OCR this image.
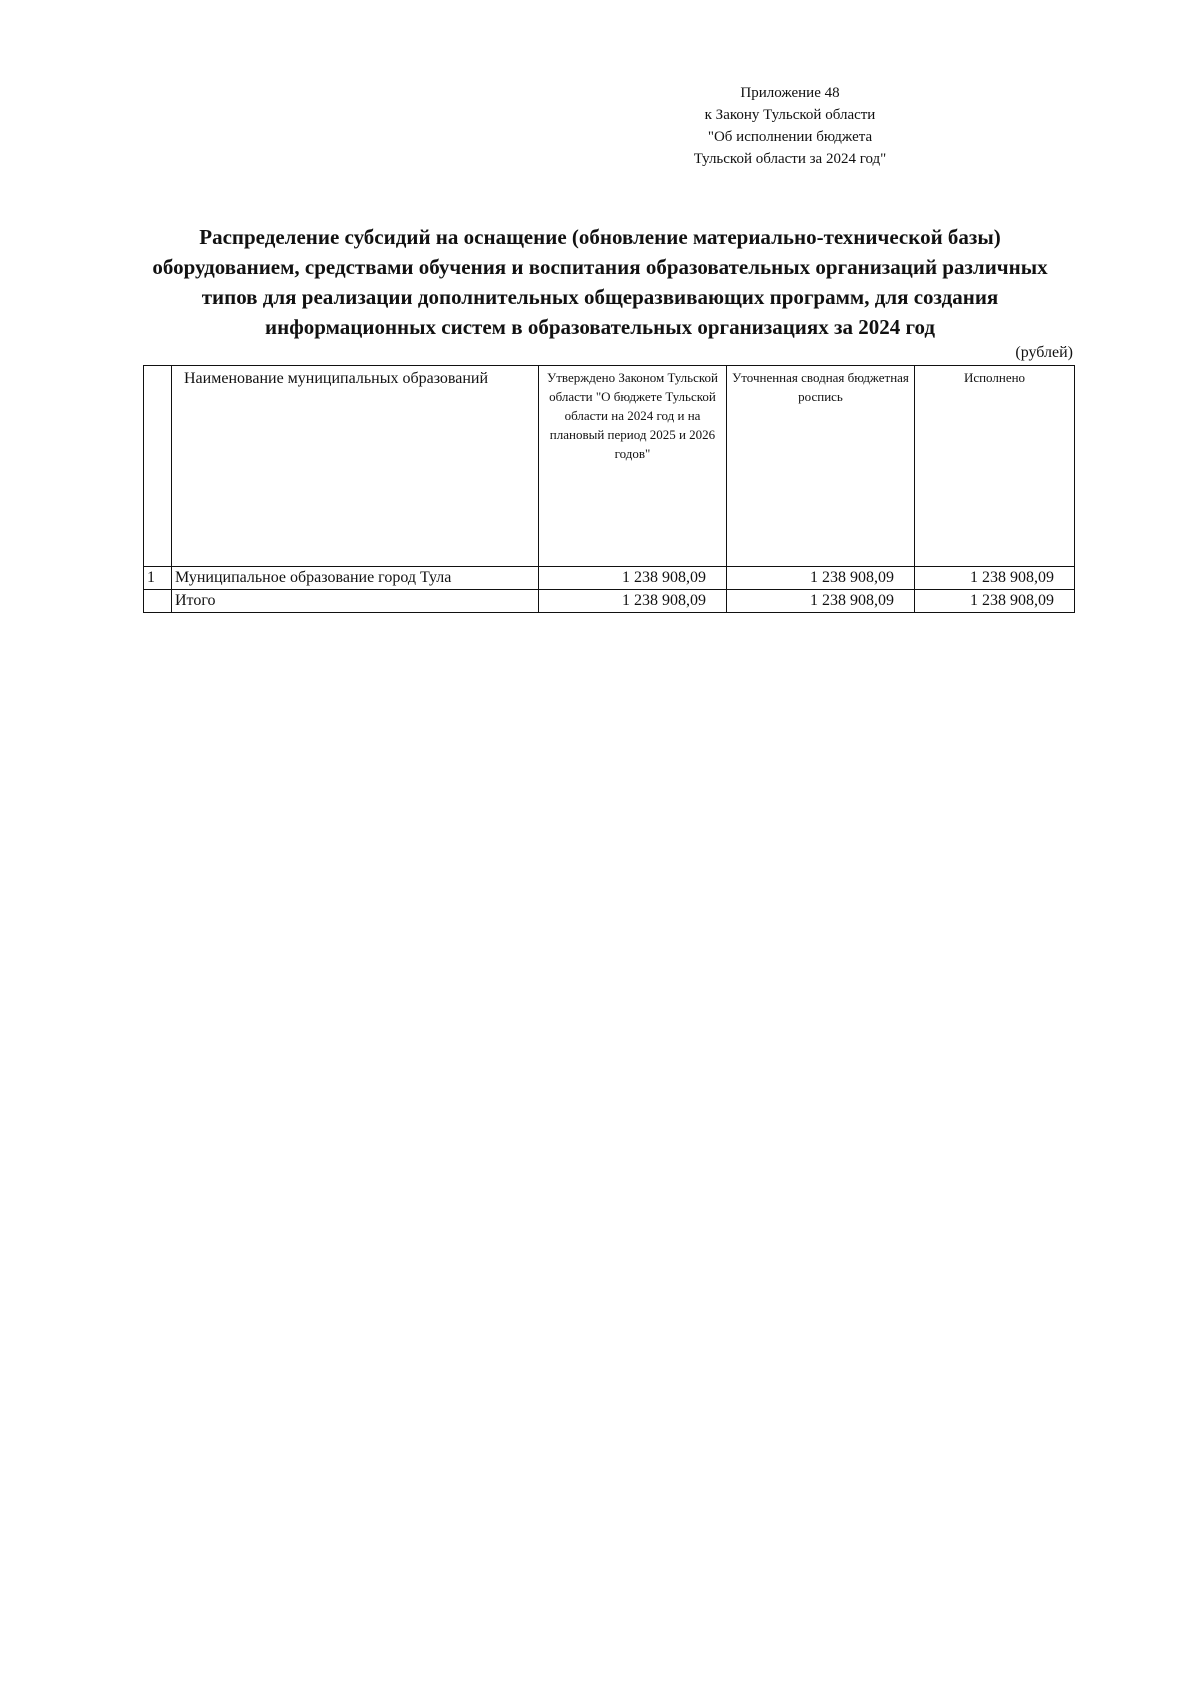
Приложение 48
к Закону Тульской области
"Об исполнении бюджета
Тульской области за 2024 год"
Распределение субсидий на оснащение (обновление материально-технической базы)
оборудованием, средствами обучения и воспитания образовательных организаций различных
типов для реализации дополнительных общеразвивающих программ, для создания
информационных систем в образовательных организациях за 2024 год
(рублей)
	Наименование муниципальных образований	Утверждено Законом Тульской области "О бюджете Тульской области на 2024 год и на плановый период 2025 и 2026 годов"	Уточненная сводная бюджетная роспись	Исполнено
1	Муниципальное образование город Тула	1 238 908,09	1 238 908,09	1 238 908,09
	Итого	1 238 908,09	1 238 908,09	1 238 908,09
